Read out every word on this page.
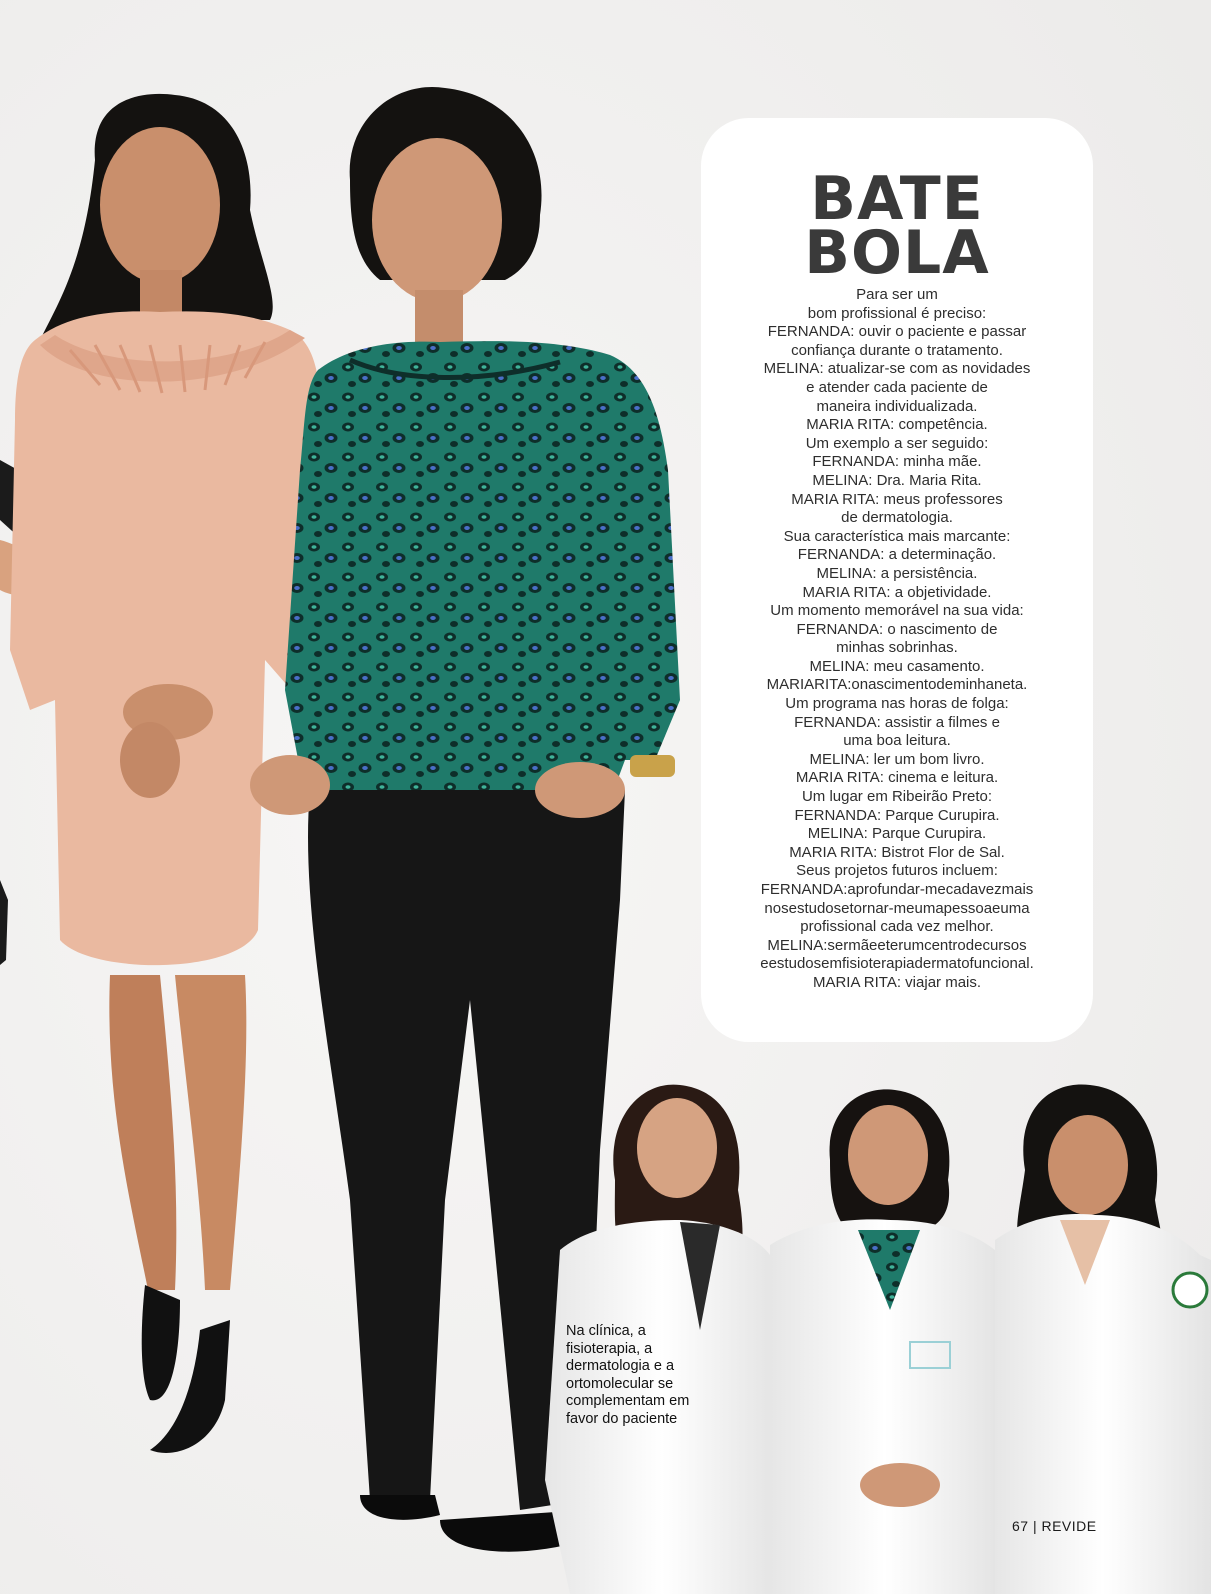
BATE
BOLA
Para ser um
bom profissional é preciso:
FERNANDA: ouvir o paciente e passar
confiança durante o tratamento.
MELINA: atualizar-se com as novidades
e atender cada paciente de
maneira individualizada.
MARIA RITA: competência.
Um exemplo a ser seguido:
FERNANDA: minha mãe.
MELINA: Dra. Maria Rita.
MARIA RITA: meus professores
de dermatologia.
Sua característica mais marcante:
FERNANDA: a determinação.
MELINA: a persistência.
MARIA RITA: a objetividade.
Um momento memorável na sua vida:
FERNANDA: o nascimento de
minhas sobrinhas.
MELINA: meu casamento.
MARIARITA:onascimentodeminhaneta.
Um programa nas horas de folga:
FERNANDA: assistir a filmes e
uma boa leitura.
MELINA: ler um bom livro.
MARIA RITA: cinema e leitura.
Um lugar em Ribeirão Preto:
FERNANDA: Parque Curupira.
MELINA: Parque Curupira.
MARIA RITA: Bistrot Flor de Sal.
Seus projetos futuros incluem:
FERNANDA:aprofundar-mecadavezmais
nosestudosetornar-meumapessoaeuma
profissional cada vez melhor.
MELINA:sermãeeterumcentrodecursos
eestudosemfisioterapiadermatofuncional.
MARIA RITA: viajar mais.

Na clínica, a
fisioterapia, a
dermatologia e a
ortomolecular se
complementam em
favor do paciente

67 | REVIDE
